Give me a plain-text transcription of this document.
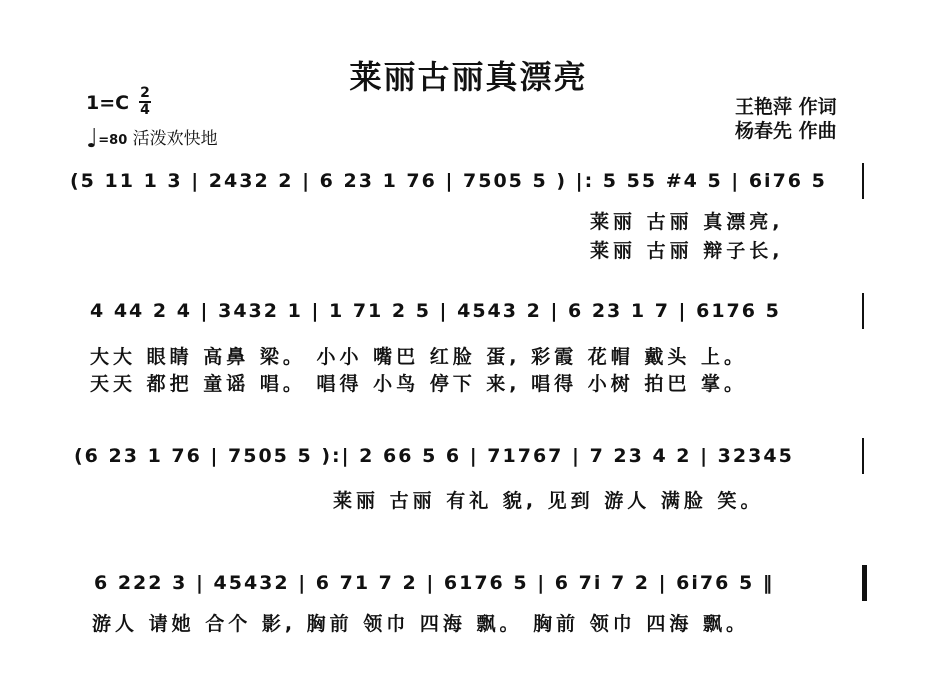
莱丽古丽真漂亮
1=C 2
4
♩=80 活泼欢快地
王艳萍 作词
杨春先 作曲
(5 11 1 3 | 2432 2 | 6 23 1 76 | 7505 5 ) |: 5 55 #4 5 | 6i76 5
莱丽 古丽 真漂亮,
莱丽 古丽 辩子长,
4 44 2 4 | 3432 1 | 1 71 2 5 | 4543 2 | 6 23 1 7 | 6176 5
大大 眼睛 高鼻 梁。 小小 嘴巴 红脸 蛋, 彩霞 花帽 戴头 上。
天天 都把 童谣 唱。 唱得 小鸟 停下 来, 唱得 小树 拍巴 掌。
(6 23 1 76 | 7505 5 ):| 2 66 5 6 | 71767 | 7 23 4 2 | 32345
莱丽 古丽 有礼 貌, 见到 游人 满脸 笑。
6 222 3 | 45432 | 6 71 7 2 | 6176 5 | 6 7i 7 2 | 6i76 5 ‖
游人 请她 合个 影, 胸前 领巾 四海 飘。 胸前 领巾 四海 飘。
